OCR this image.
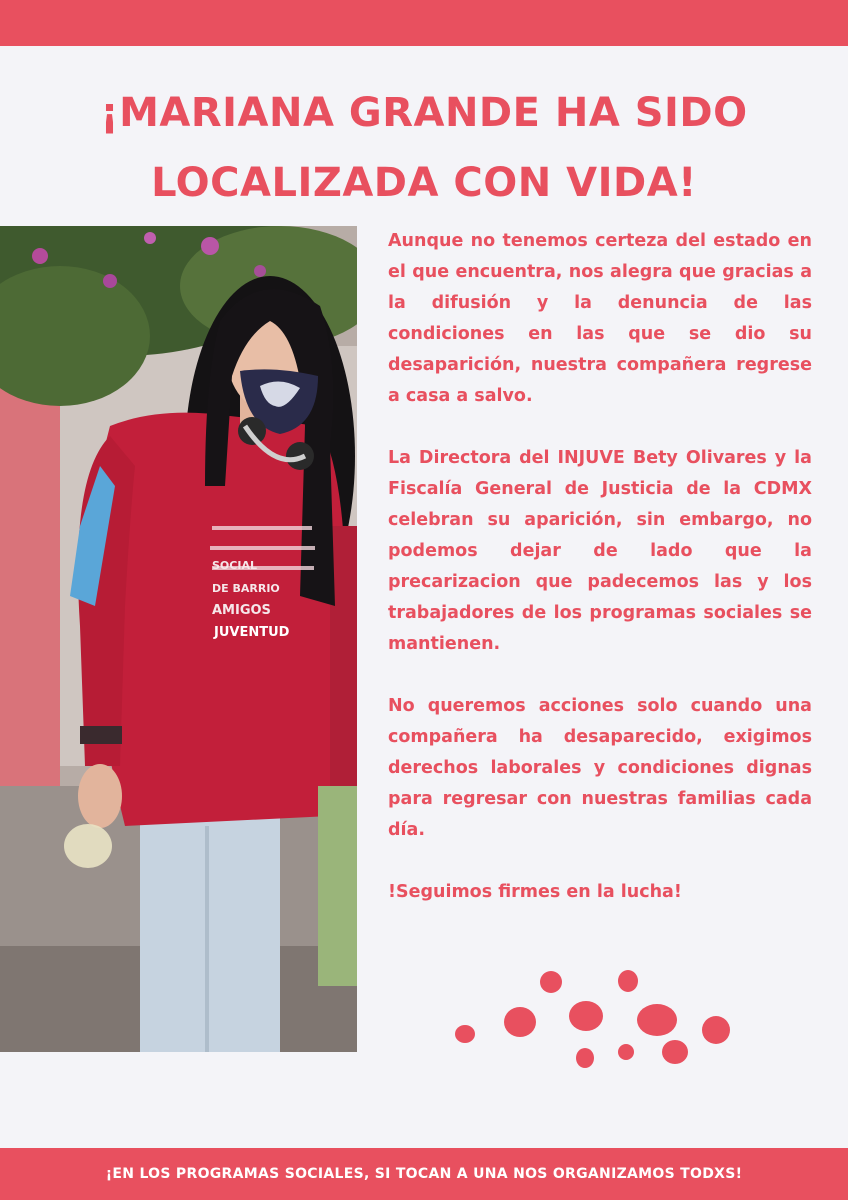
¡MARIANA GRANDE HA SIDO
LOCALIZADA CON VIDA!
SOCIAL
DE BARRIO
AMIGOS
JUVENTUD

Aunque no tenemos certeza del estado en el que encuentra, nos alegra que gracias a la difusión y la denuncia de las condiciones en las que se dio su desaparición, nuestra compañera regrese a casa a salvo.

La Directora del INJUVE Bety Olivares y la Fiscalía General de Justicia de la CDMX celebran su aparición, sin embargo, no podemos dejar de lado que la precarizacion que padecemos las y los trabajadores de los programas sociales se mantienen.

No queremos acciones solo cuando una compañera ha desaparecido, exigimos derechos laborales y condiciones dignas para regresar con nuestras familias cada día.

!Seguimos firmes en la lucha!

¡EN LOS PROGRAMAS SOCIALES, SI TOCAN A UNA NOS ORGANIZAMOS TODXS!
